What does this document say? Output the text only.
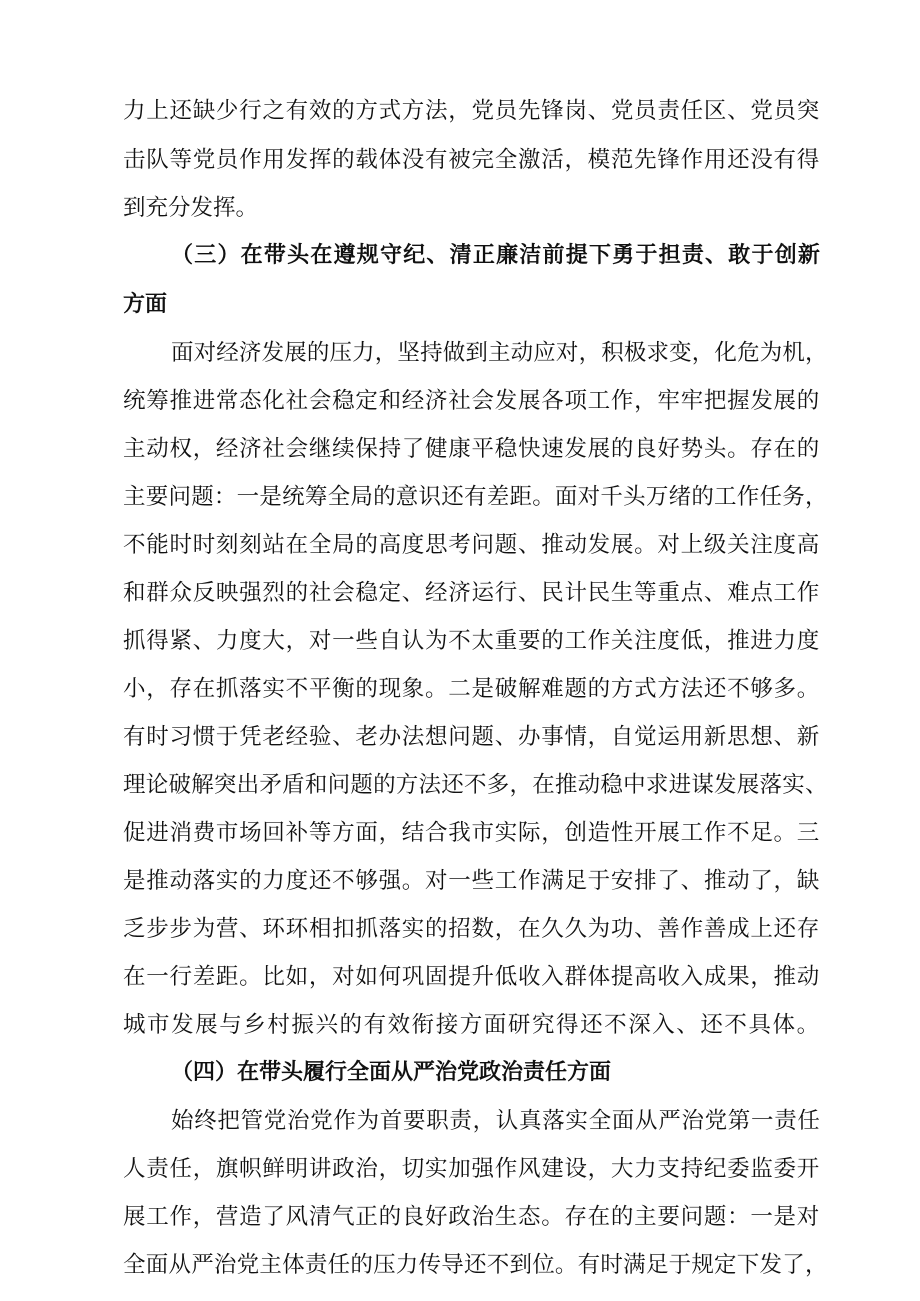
力上还缺少行之有效的方式方法，党员先锋岗、党员责任区、党员突
击队等党员作用发挥的载体没有被完全激活，模范先锋作用还没有得
到充分发挥。
（三）在带头在遵规守纪、清正廉洁前提下勇于担责、敢于创新
方面
面对经济发展的压力，坚持做到主动应对，积极求变，化危为机，
统筹推进常态化社会稳定和经济社会发展各项工作，牢牢把握发展的
主动权，经济社会继续保持了健康平稳快速发展的良好势头。存在的
主要问题：一是统筹全局的意识还有差距。面对千头万绪的工作任务，
不能时时刻刻站在全局的高度思考问题、推动发展。对上级关注度高
和群众反映强烈的社会稳定、经济运行、民计民生等重点、难点工作
抓得紧、力度大，对一些自认为不太重要的工作关注度低，推进力度
小，存在抓落实不平衡的现象。二是破解难题的方式方法还不够多。
有时习惯于凭老经验、老办法想问题、办事情，自觉运用新思想、新
理论破解突出矛盾和问题的方法还不多，在推动稳中求进谋发展落实、
促进消费市场回补等方面，结合我市实际，创造性开展工作不足。三
是推动落实的力度还不够强。对一些工作满足于安排了、推动了，缺
乏步步为营、环环相扣抓落实的招数，在久久为功、善作善成上还存
在一行差距。比如，对如何巩固提升低收入群体提高收入成果，推动
城市发展与乡村振兴的有效衔接方面研究得还不深入、还不具体。
（四）在带头履行全面从严治党政治责任方面
始终把管党治党作为首要职责，认真落实全面从严治党第一责任
人责任，旗帜鲜明讲政治，切实加强作风建设，大力支持纪委监委开
展工作，营造了风清气正的良好政治生态。存在的主要问题：一是对
全面从严治党主体责任的压力传导还不到位。有时满足于规定下发了，
